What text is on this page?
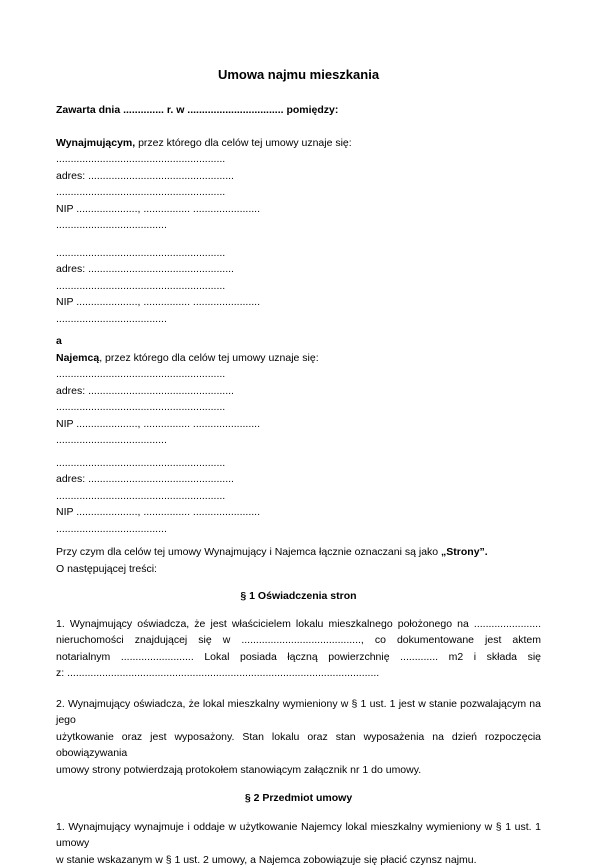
Umowa najmu mieszkania
Zawarta dnia .............. r. w ................................. pomiędzy:
Wynajmującym, przez którego dla celów tej umowy uznaje się:
..........................................................
adres: ..................................................
..........................................................
NIP ....................., ................ .......................
......................................
..........................................................
adres: ..................................................
..........................................................
NIP ....................., ................ .......................
......................................
a
Najemcą, przez którego dla celów tej umowy uznaje się:
..........................................................
adres: ..................................................
..........................................................
NIP ....................., ................ .......................
......................................
..........................................................
adres: ..................................................
..........................................................
NIP ....................., ................ .......................
......................................
Przy czym dla celów tej umowy Wynajmujący i Najemca łącznie oznaczani są jako „Strony”.
O następującej treści:
§ 1 Oświadczenia stron
1. Wynajmujący oświadcza, że jest właścicielem lokalu mieszkalnego położonego na .......................
nieruchomości znajdującej się w ........................................., co dokumentowane jest aktem
notarialnym ......................... Lokal posiada łączną powierzchnię ............. m2 i składa się
z: ...........................................................................................................
2. Wynajmujący oświadcza, że lokal mieszkalny wymieniony w § 1 ust. 1 jest w stanie pozwalającym na jego
użytkowanie oraz jest wyposażony. Stan lokalu oraz stan wyposażenia na dzień rozpoczęcia obowiązywania
umowy strony potwierdzają protokołem stanowiącym załącznik nr 1 do umowy.
§ 2 Przedmiot umowy
1. Wynajmujący wynajmuje i oddaje w użytkowanie Najemcy lokal mieszkalny wymieniony w § 1 ust. 1 umowy
w stanie wskazanym w § 1 ust. 2 umowy, a Najemca zobowiązuje się płacić czynsz najmu.
